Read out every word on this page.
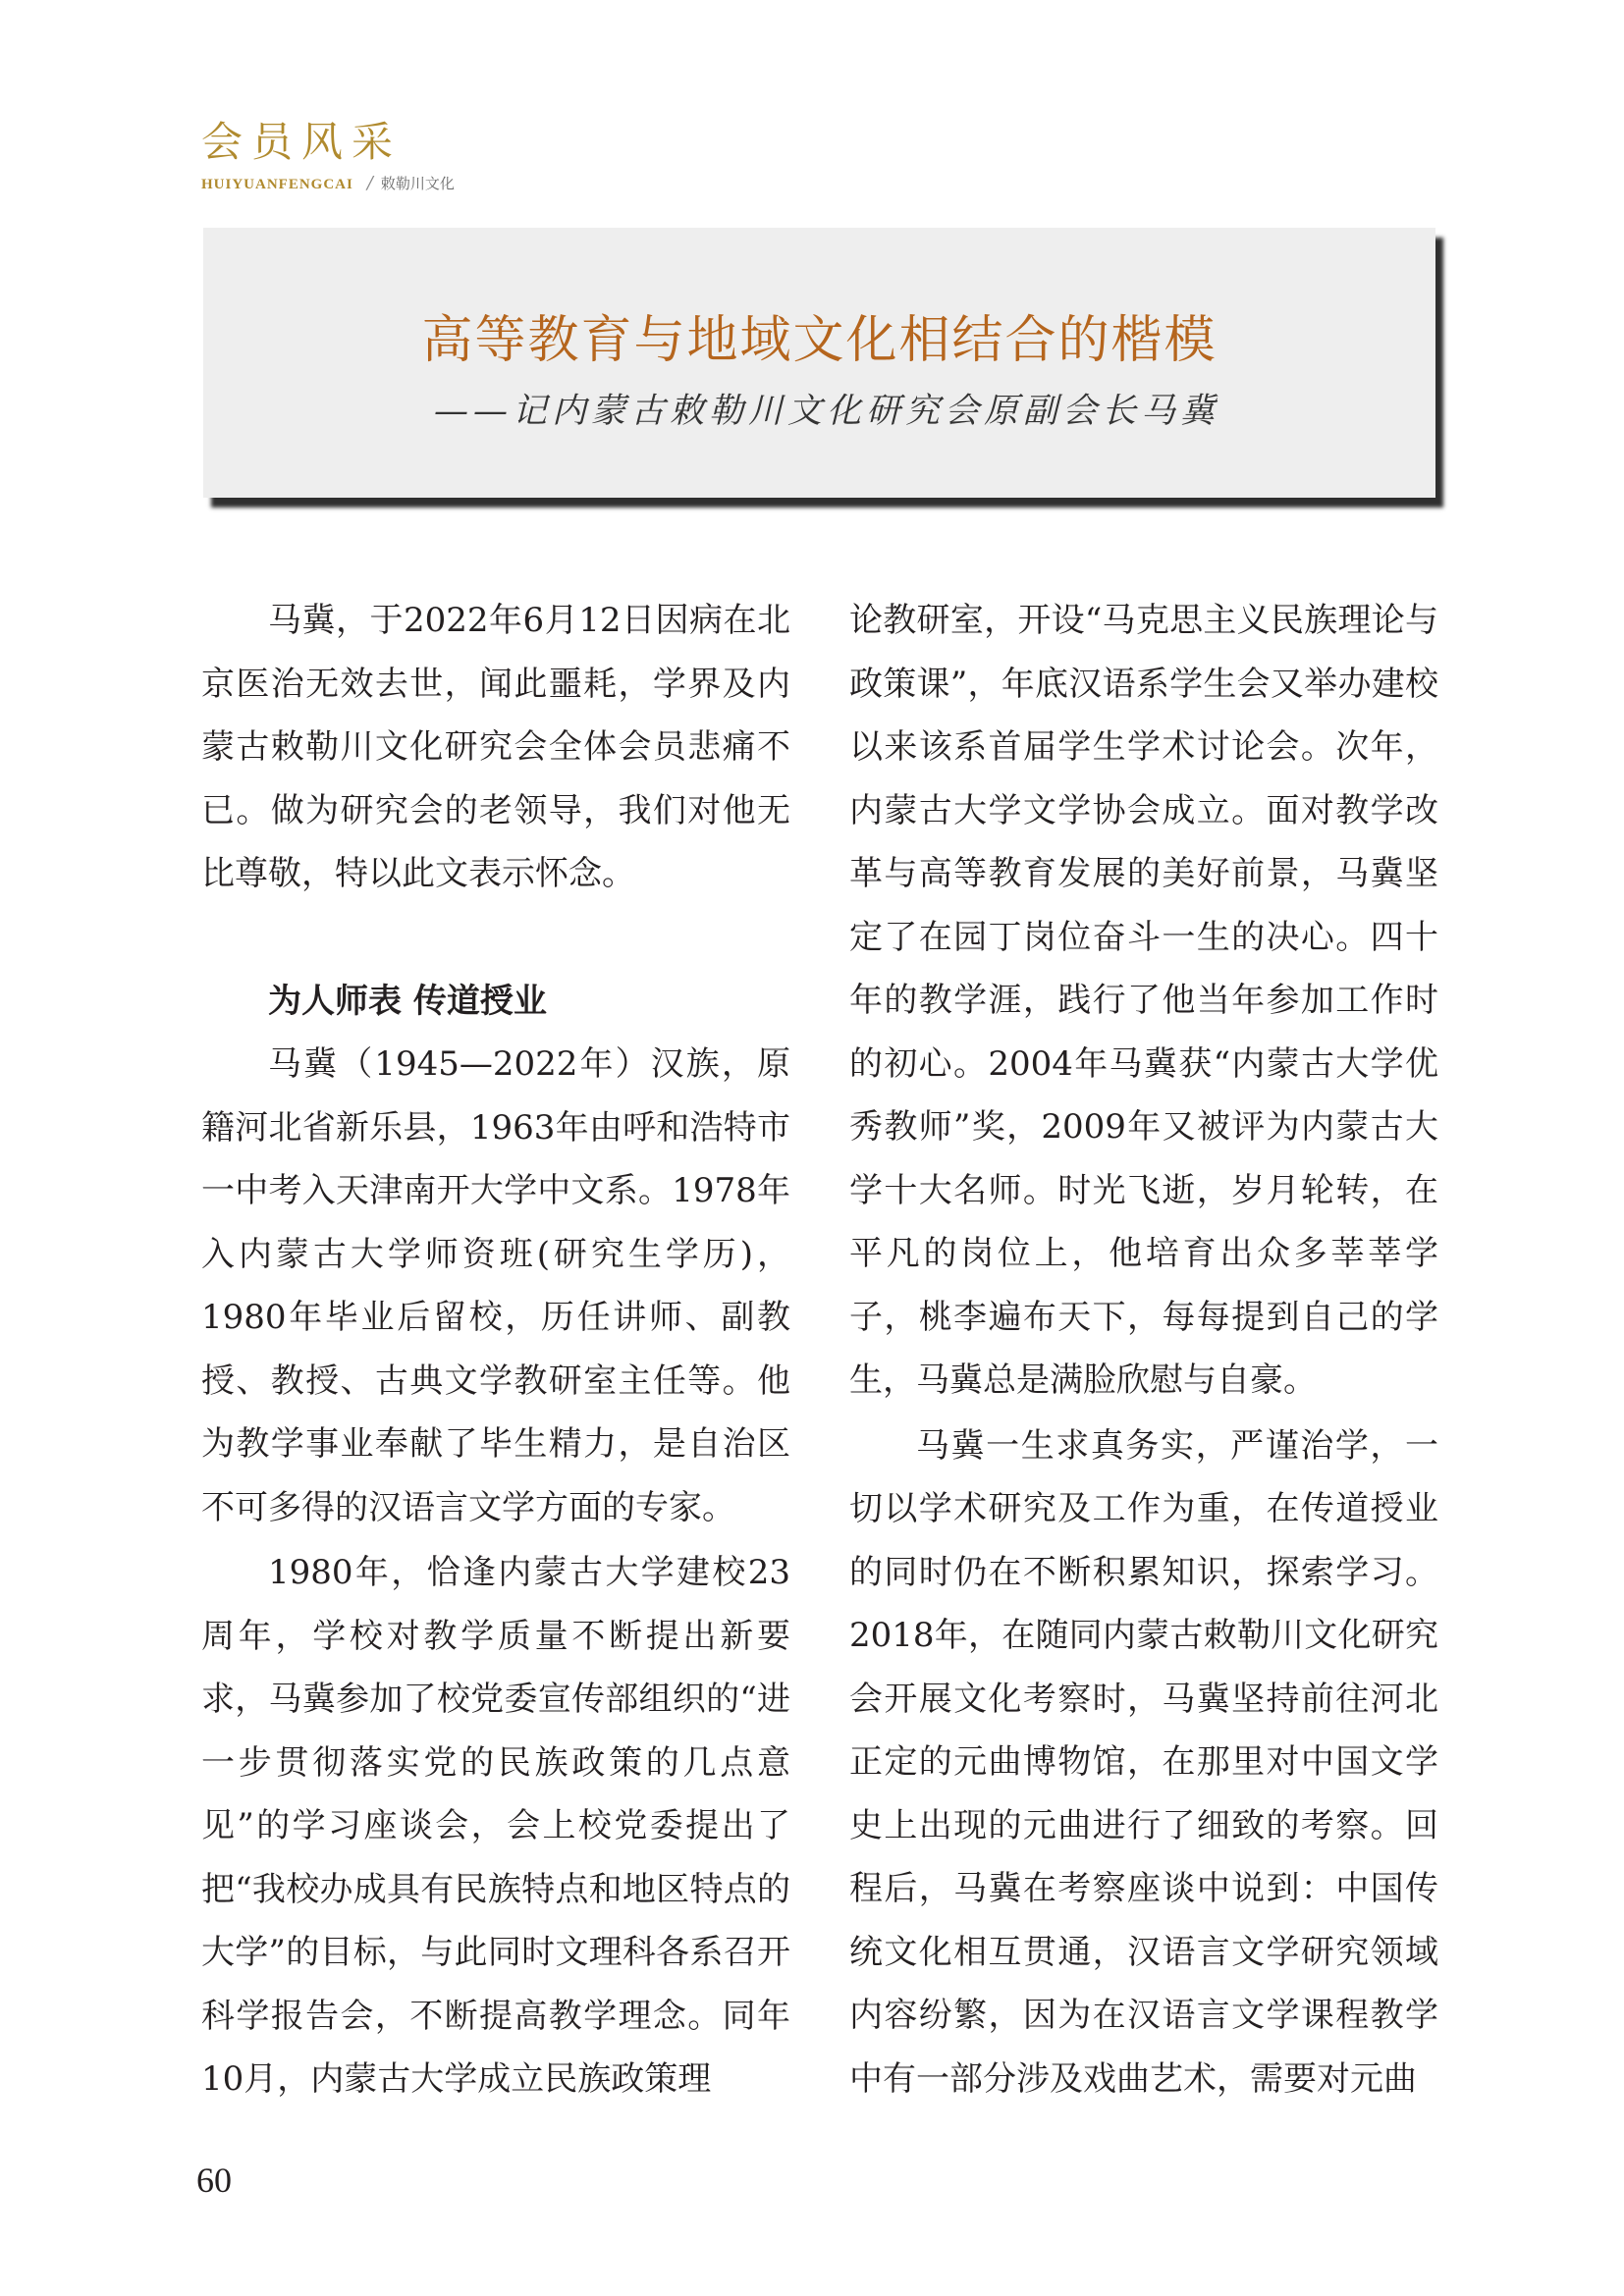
会员风采
HUIYUANFENGCAI / 敕勒川文化
高等教育与地域文化相结合的楷模
——记内蒙古敕勒川文化研究会原副会长马冀

马冀，于2022年6月12日因病在北京医治无效去世，闻此噩耗，学界及内蒙古敕勒川文化研究会全体会员悲痛不已。做为研究会的老领导，我们对他无比尊敬，特以此文表示怀念。

为人师表 传道授业

马冀（1945—2022年）汉族，原籍河北省新乐县，1963年由呼和浩特市一中考入天津南开大学中文系。1978年入内蒙古大学师资班(研究生学历)，1980年毕业后留校，历任讲师、副教授、教授、古典文学教研室主任等。他为教学事业奉献了毕生精力，是自治区不可多得的汉语言文学方面的专家。

1980年，恰逢内蒙古大学建校23周年，学校对教学质量不断提出新要求，马冀参加了校党委宣传部组织的“进一步贯彻落实党的民族政策的几点意见”的学习座谈会，会上校党委提出了把“我校办成具有民族特点和地区特点的大学”的目标，与此同时文理科各系召开科学报告会，不断提高教学理念。同年10月，内蒙古大学成立民族政策理

论教研室，开设“马克思主义民族理论与政策课”，年底汉语系学生会又举办建校以来该系首届学生学术讨论会。次年，内蒙古大学文学协会成立。面对教学改革与高等教育发展的美好前景，马冀坚定了在园丁岗位奋斗一生的决心。四十年的教学涯，践行了他当年参加工作时的初心。2004年马冀获“内蒙古大学优秀教师”奖，2009年又被评为内蒙古大学十大名师。时光飞逝，岁月轮转，在平凡的岗位上，他培育出众多莘莘学子，桃李遍布天下，每每提到自己的学生，马冀总是满脸欣慰与自豪。

马冀一生求真务实，严谨治学，一切以学术研究及工作为重，在传道授业的同时仍在不断积累知识，探索学习。2018年，在随同内蒙古敕勒川文化研究会开展文化考察时，马冀坚持前往河北正定的元曲博物馆，在那里对中国文学史上出现的元曲进行了细致的考察。回程后，马冀在考察座谈中说到：中国传统文化相互贯通，汉语言文学研究领域内容纷繁，因为在汉语言文学课程教学中有一部分涉及戏曲艺术，需要对元曲

60
